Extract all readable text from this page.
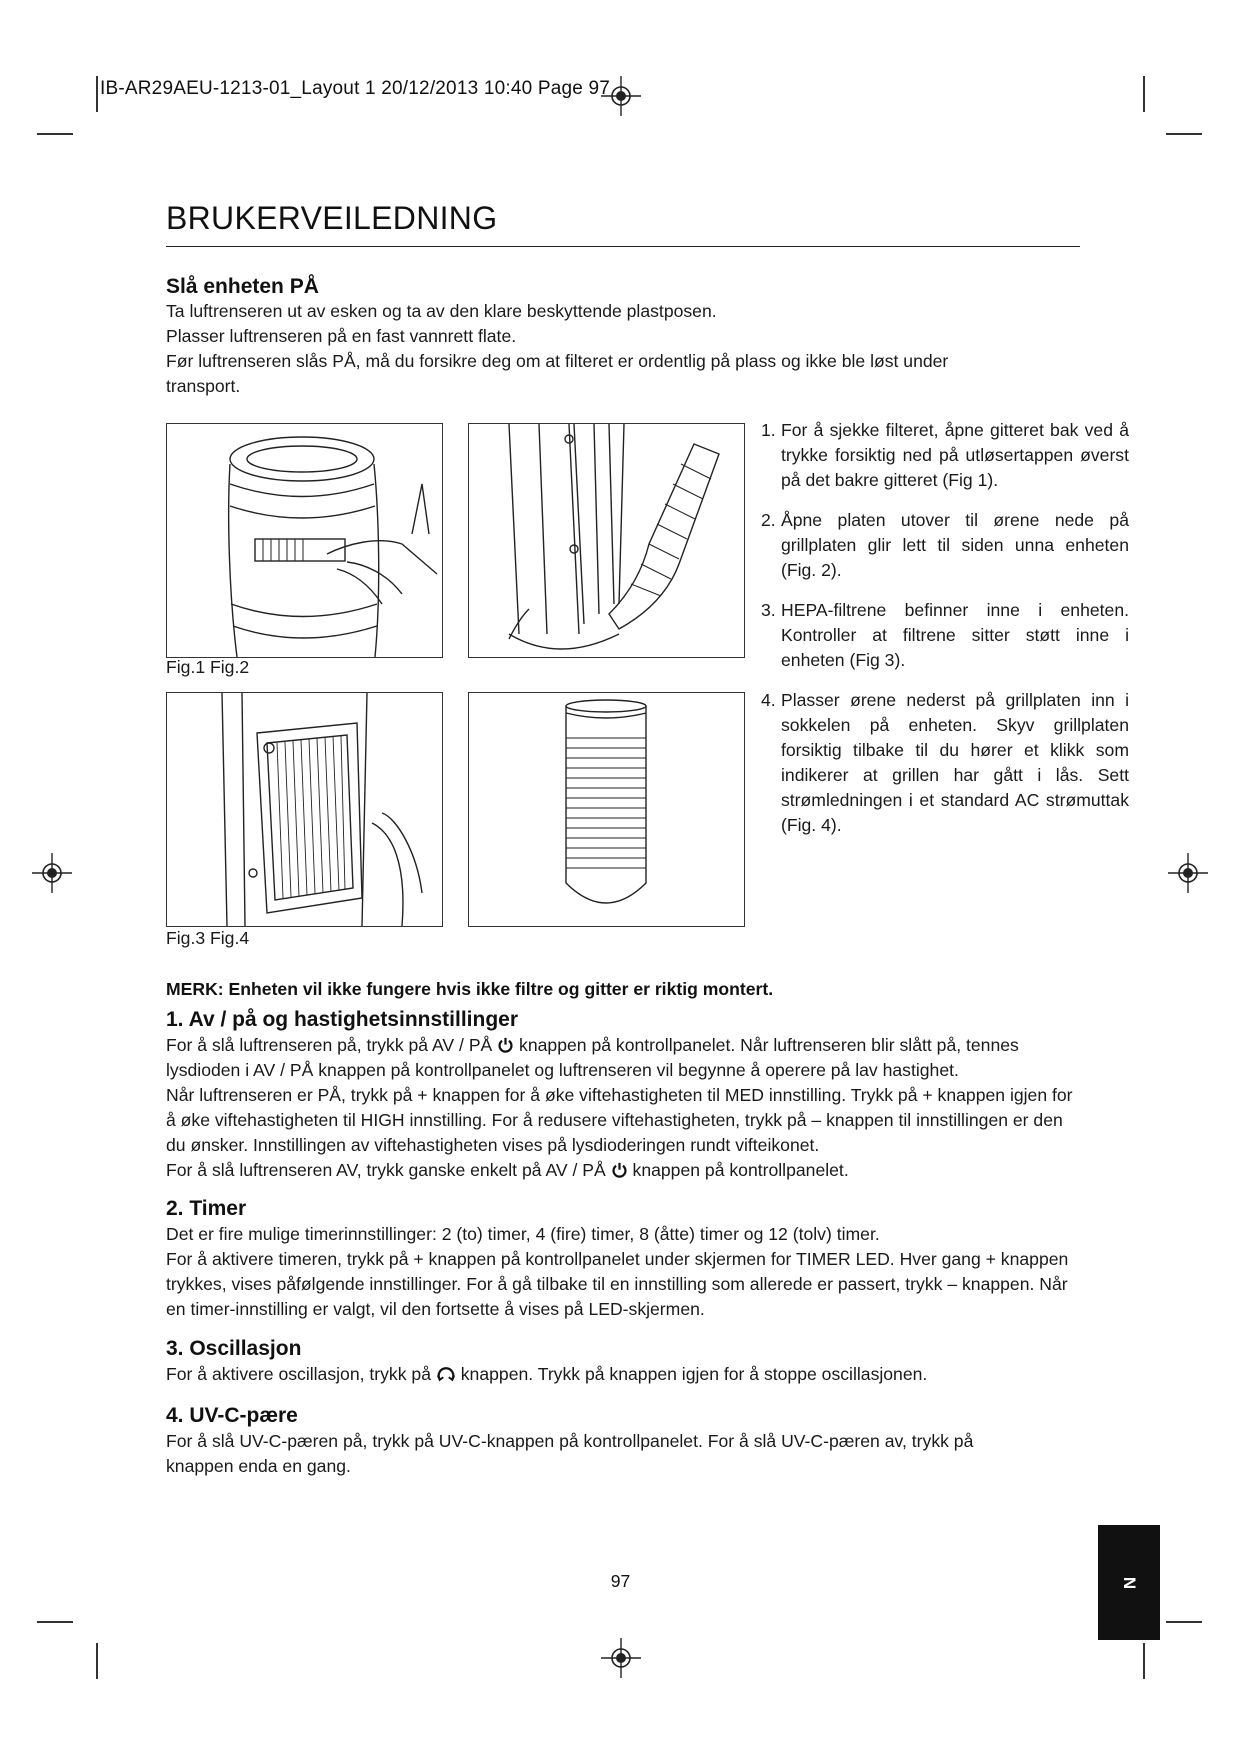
IB-AR29AEU-1213-01_Layout 1 20/12/2013 10:40 Page 97
BRUKERVEILEDNING
Slå enheten PÅ

Ta luftrenseren ut av esken og ta av den klare beskyttende plastposen.

Plasser luftrenseren på en fast vannrett flate.

Før luftrenseren slås PÅ, må du forsikre deg om at filteret er ordentlig på plass og ikke ble løst under transport.

Fig.1 Fig.2
Fig.3 Fig.4
1. For å sjekke filteret, åpne gitteret bak ved å trykke forsiktig ned på utløsertappen øverst på det bakre gitteret (Fig 1).
2. Åpne platen utover til ørene nede på grillplaten glir lett til siden unna enheten (Fig. 2).
3. HEPA-filtrene befinner inne i enheten. Kontroller at filtrene sitter støtt inne i enheten (Fig 3).
4. Plasser ørene nederst på grillplaten inn i sokkelen på enheten. Skyv grillplaten forsiktig tilbake til du hører et klikk som indikerer at grillen har gått i lås. Sett strømledningen i et standard AC strømuttak (Fig. 4).
MERK: Enheten vil ikke fungere hvis ikke filtre og gitter er riktig montert.
1. Av / på og hastighetsinnstillinger

For å slå luftrenseren på, trykk på AV / PÅ  knappen på kontrollpanelet. Når luftrenseren blir slått på, tennes lysdioden i AV / PÅ knappen på kontrollpanelet og luftrenseren vil begynne å operere på lav hastighet.

Når luftrenseren er PÅ, trykk på + knappen for å øke viftehastigheten til MED innstilling. Trykk på + knappen igjen for å øke viftehastigheten til HIGH innstilling. For å redusere viftehastigheten, trykk på – knappen til innstillingen er den du ønsker. Innstillingen av viftehastigheten vises på lysdioderingen rundt vifteikonet.

For å slå luftrenseren AV, trykk ganske enkelt på AV / PÅ  knappen på kontrollpanelet.

2. Timer

Det er fire mulige timerinnstillinger: 2 (to) timer, 4 (fire) timer, 8 (åtte) timer og 12 (tolv) timer.

For å aktivere timeren, trykk på + knappen på kontrollpanelet under skjermen for TIMER LED. Hver gang + knappen trykkes, vises påfølgende innstillinger. For å gå tilbake til en innstilling som allerede er passert, trykk – knappen. Når en timer-innstilling er valgt, vil den fortsette å vises på LED-skjermen.

3. Oscillasjon

For å aktivere oscillasjon, trykk på  knappen. Trykk på knappen igjen for å stoppe oscillasjonen.

4. UV-C-pære

For å slå UV-C-pæren på, trykk på UV-C-knappen på kontrollpanelet. For å slå UV-C-pæren av, trykk på knappen enda en gang.

97	N
